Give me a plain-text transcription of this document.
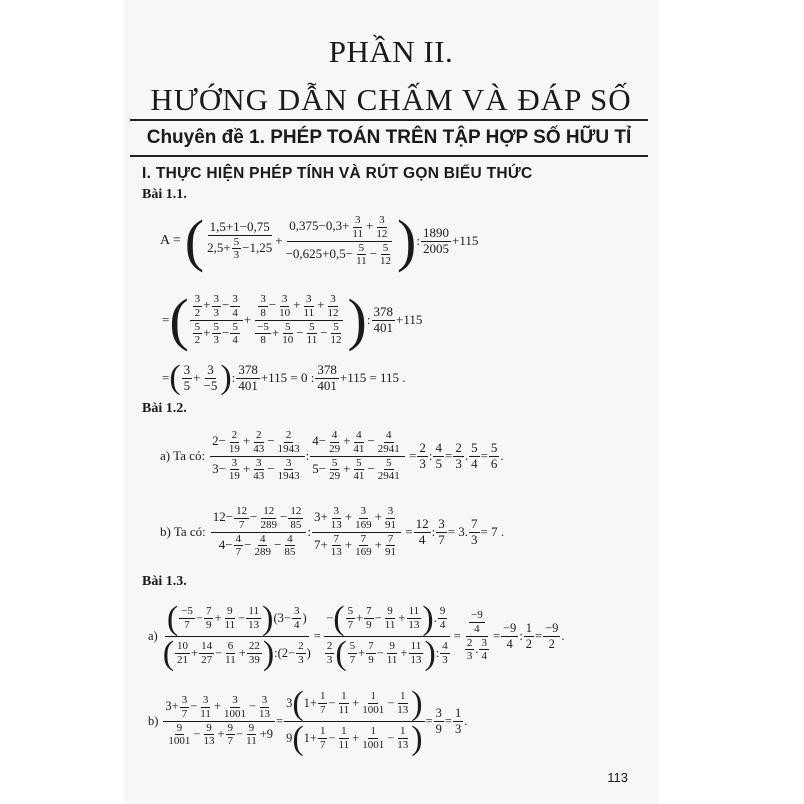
PHẦN II.
HƯỚNG DẪN CHẤM VÀ ĐÁP SỐ
Chuyên đề 1. PHÉP TOÁN TRÊN TẬP HỢP SỐ HỮU TỈ
I. THỰC HIỆN PHÉP TÍNH VÀ RÚT GỌN BIỂU THỨC
Bài 1.1.
A = ( $\frac{1,5+1-0,75}{2,5+ \frac{5}{3} -1,25} + \frac{0,375-0,3+ \frac{3}{11} + \frac{3}{12}}{-0,625+0,5- \frac{5}{11} - \frac{5}{12}}$ ) : $\frac{1890}{2005} +115$
= ( $\frac{\frac{3}{2} + \frac{3}{3} - \frac{3}{4}}{\frac{5}{2} + \frac{5}{3} - \frac{5}{4}} + \frac{\frac{3}{8} - \frac{3}{10} + \frac{3}{11} + \frac{3}{12}}{\frac{-5}{8} + \frac{5}{10} - \frac{5}{11} - \frac{5}{12}}$ ) : $\frac{378}{401} +115$
= ( $\frac{3}{5} + \frac{3}{-5}$ ) : $\frac{378}{401} +115 = 0$ : $\frac{378}{401} +115 = 115$ .
Bài 1.2.
a) Ta có: $\frac{2- \frac{2}{19} + \frac{2}{43} - \frac{2}{1943}}{3- \frac{3}{19} + \frac{3}{43} - \frac{3}{1943}}$ : $\frac{4- \frac{4}{29} + \frac{4}{41} - \frac{4}{2941}}{5- \frac{5}{29} + \frac{5}{41} - \frac{5}{2941}} = \frac{2}{3}$ : $\frac{4}{5} = \frac{2}{3}$ . $\frac{5}{4} = \frac{5}{6}$ .
b) Ta có: $\frac{12- \frac{12}{7} - \frac{12}{289} - \frac{12}{85}}{4- \frac{4}{7} - \frac{4}{289} - \frac{4}{85}}$ : $\frac{3+ \frac{3}{13} + \frac{3}{169} + \frac{3}{91}}{7+ \frac{7}{13} + \frac{7}{169} + \frac{7}{91}} = \frac{12}{4}$ : $\frac{3}{7} = 3$. $\frac{7}{3} = 7$ .
Bài 1.3.
$a) \frac{( \frac{-5}{7} - \frac{7}{9} + \frac{9}{11} - \frac{11}{13} )(3- \frac{3}{4} )}{( \frac{10}{21} + \frac{14}{27} - \frac{6}{11} + \frac{22}{39} ):(2- \frac{2}{3} )} = \frac{-( \frac{5}{7} + \frac{7}{9} - \frac{9}{11} + \frac{11}{13} ). \frac{9}{4}}{\frac{2}{3} ( \frac{5}{7} + \frac{7}{9} - \frac{9}{11} + \frac{11}{13} ): \frac{4}{3}} = \frac{\frac{-9}{4}}{\frac{2}{3} . \frac{3}{4}} = \frac{-9}{4}$ : $\frac{1}{2} = \frac{-9}{2}$ .
$b) \frac{3+ \frac{3}{7} - \frac{3}{11} + \frac{3}{1001} - \frac{3}{13}}{\frac{9}{1001} - \frac{9}{13} + \frac{9}{7} - \frac{9}{11} +9} = \frac{3(1+ \frac{1}{7} - \frac{1}{11} + \frac{1}{1001} - \frac{1}{13} )}{9(1+ \frac{1}{7} - \frac{1}{11} + \frac{1}{1001} - \frac{1}{13} )} = \frac{3}{9} = \frac{1}{3}$ .
113
